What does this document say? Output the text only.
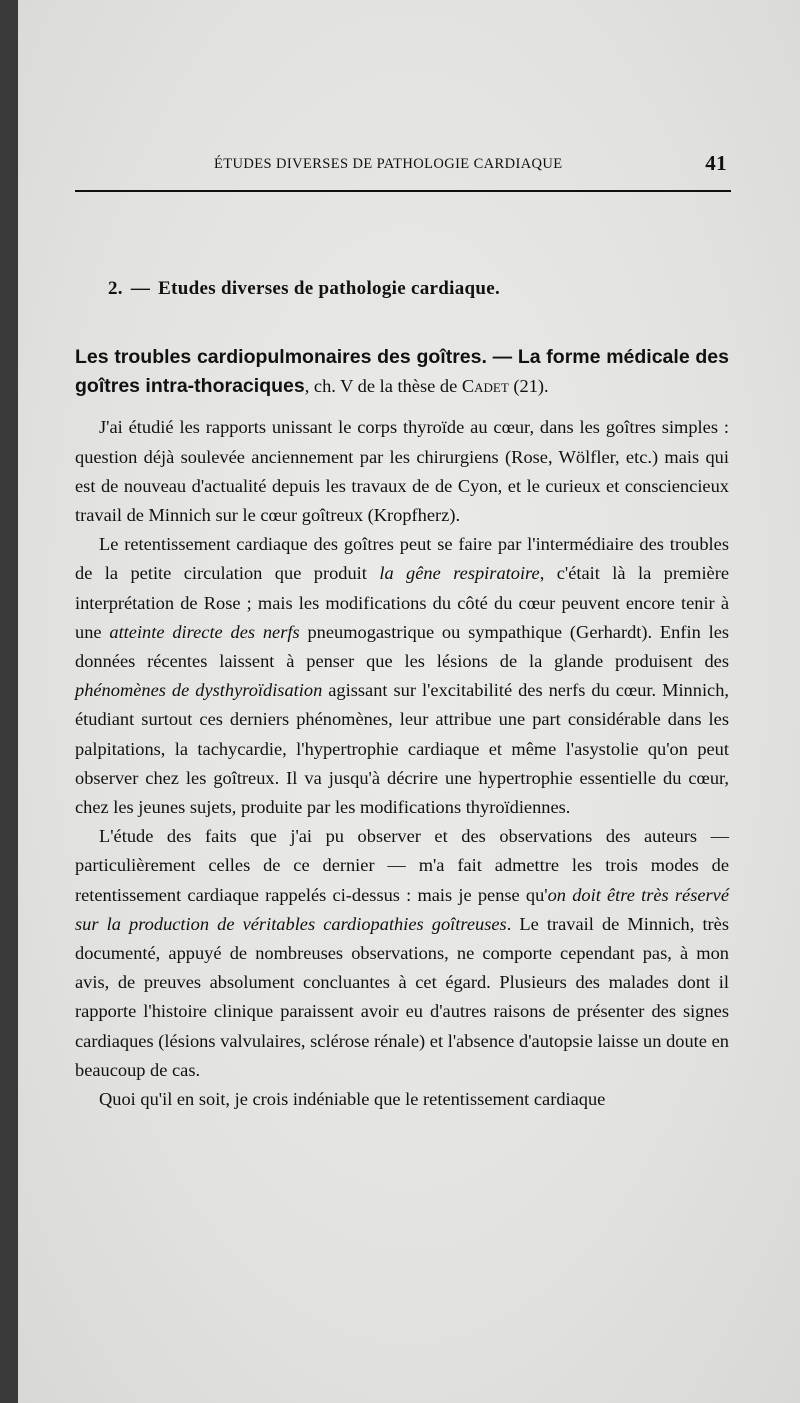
ÉTUDES DIVERSES DE PATHOLOGIE CARDIAQUE	41
2. — Etudes diverses de pathologie cardiaque.

Les troubles cardiopulmonaires des goîtres. — La forme médicale des goîtres intra-thoraciques, ch. V de la thèse de Cadet (21).

J'ai étudié les rapports unissant le corps thyroïde au cœur, dans les goîtres simples : question déjà soulevée anciennement par les chirurgiens (Rose, Wölfler, etc.) mais qui est de nouveau d'actualité depuis les travaux de de Cyon, et le curieux et consciencieux travail de Minnich sur le cœur goîtreux (Kropfherz).

Le retentissement cardiaque des goîtres peut se faire par l'intermédiaire des troubles de la petite circulation que produit la gêne respiratoire, c'était là la première interprétation de Rose ; mais les modifications du côté du cœur peuvent encore tenir à une atteinte directe des nerfs pneumogastrique ou sympathique (Gerhardt). Enfin les données récentes laissent à penser que les lésions de la glande produisent des phénomènes de dysthyroïdisation agissant sur l'excitabilité des nerfs du cœur. Minnich, étudiant surtout ces derniers phénomènes, leur attribue une part considérable dans les palpitations, la tachycardie, l'hypertrophie cardiaque et même l'asystolie qu'on peut observer chez les goîtreux. Il va jusqu'à décrire une hypertrophie essentielle du cœur, chez les jeunes sujets, produite par les modifications thyroïdiennes.

L'étude des faits que j'ai pu observer et des observations des auteurs — particulièrement celles de ce dernier — m'a fait admettre les trois modes de retentissement cardiaque rappelés ci-dessus : mais je pense qu'on doit être très réservé sur la production de véritables cardiopathies goîtreuses. Le travail de Minnich, très documenté, appuyé de nombreuses observations, ne comporte cependant pas, à mon avis, de preuves absolument concluantes à cet égard. Plusieurs des malades dont il rapporte l'histoire clinique paraissent avoir eu d'autres raisons de présenter des signes cardiaques (lésions valvulaires, sclérose rénale) et l'absence d'autopsie laisse un doute en beaucoup de cas.

Quoi qu'il en soit, je crois indéniable que le retentissement cardiaque
